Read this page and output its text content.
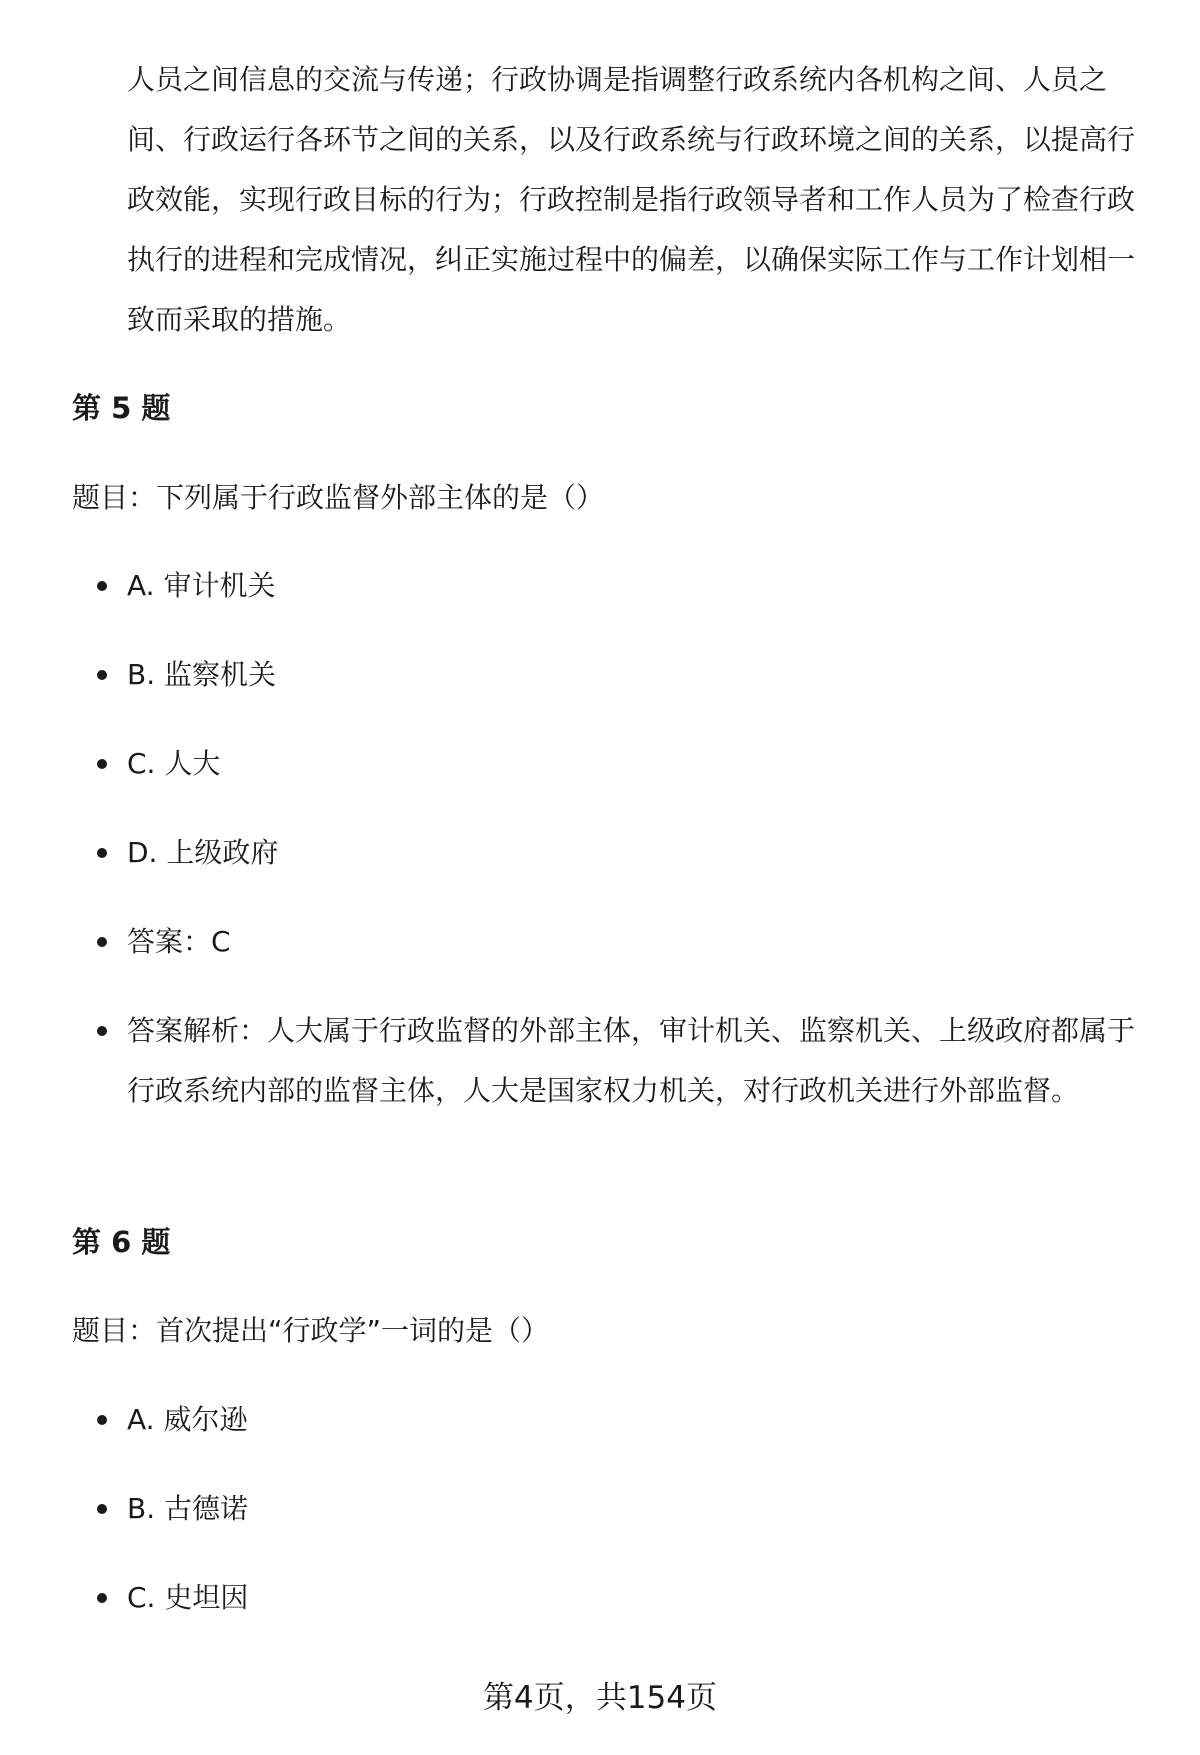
人员之间信息的交流与传递；行政协调是指调整行政系统内各机构之间、人员之间、行政运行各环节之间的关系，以及行政系统与行政环境之间的关系，以提高行政效能，实现行政目标的行为；行政控制是指行政领导者和工作人员为了检查行政执行的进程和完成情况，纠正实施过程中的偏差，以确保实际工作与工作计划相一致而采取的措施。

第 5 题

题目：下列属于行政监督外部主体的是（）

A. 审计机关
B. 监察机关
C. 人大
D. 上级政府
答案：C
答案解析：人大属于行政监督的外部主体，审计机关、监察机关、上级政府都属于行政系统内部的监督主体，人大是国家权力机关，对行政机关进行外部监督。
第 6 题

题目：首次提出“行政学”一词的是（）

A. 威尔逊
B. 古德诺
C. 史坦因
第4页，共154页
